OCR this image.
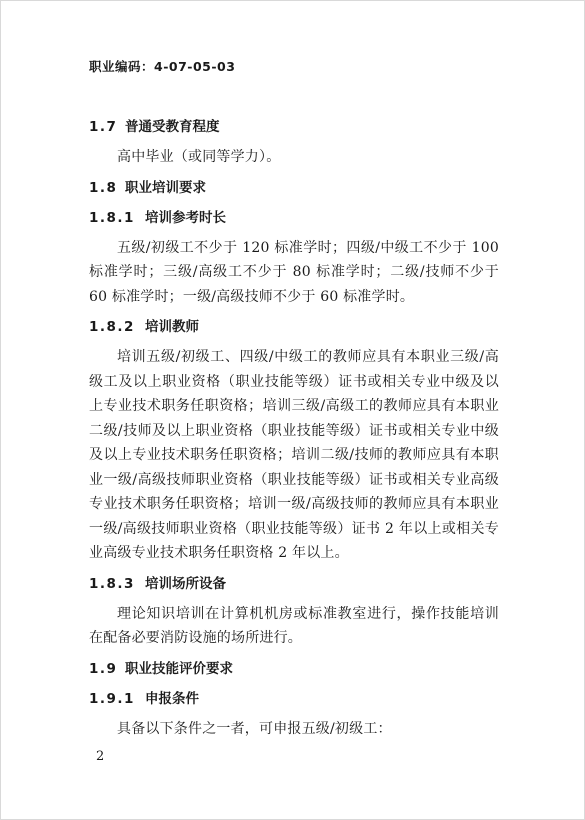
职业编码：4-07-05-03
1.7 普通受教育程度

高中毕业（或同等学力）。

1.8 职业培训要求
1.8.1 培训参考时长

五级/初级工不少于 120 标准学时；四级/中级工不少于 100 标准学时；三级/高级工不少于 80 标准学时；二级/技师不少于 60 标准学时；一级/高级技师不少于 60 标准学时。

1.8.2 培训教师

培训五级/初级工、四级/中级工的教师应具有本职业三级/高级工及以上职业资格（职业技能等级）证书或相关专业中级及以上专业技术职务任职资格；培训三级/高级工的教师应具有本职业二级/技师及以上职业资格（职业技能等级）证书或相关专业中级及以上专业技术职务任职资格；培训二级/技师的教师应具有本职业一级/高级技师职业资格（职业技能等级）证书或相关专业高级专业技术职务任职资格；培训一级/高级技师的教师应具有本职业一级/高级技师职业资格（职业技能等级）证书 2 年以上或相关专业高级专业技术职务任职资格 2 年以上。

1.8.3 培训场所设备

理论知识培训在计算机机房或标准教室进行，操作技能培训在配备必要消防设施的场所进行。

1.9 职业技能评价要求
1.9.1 申报条件

具备以下条件之一者，可申报五级/初级工：

2
